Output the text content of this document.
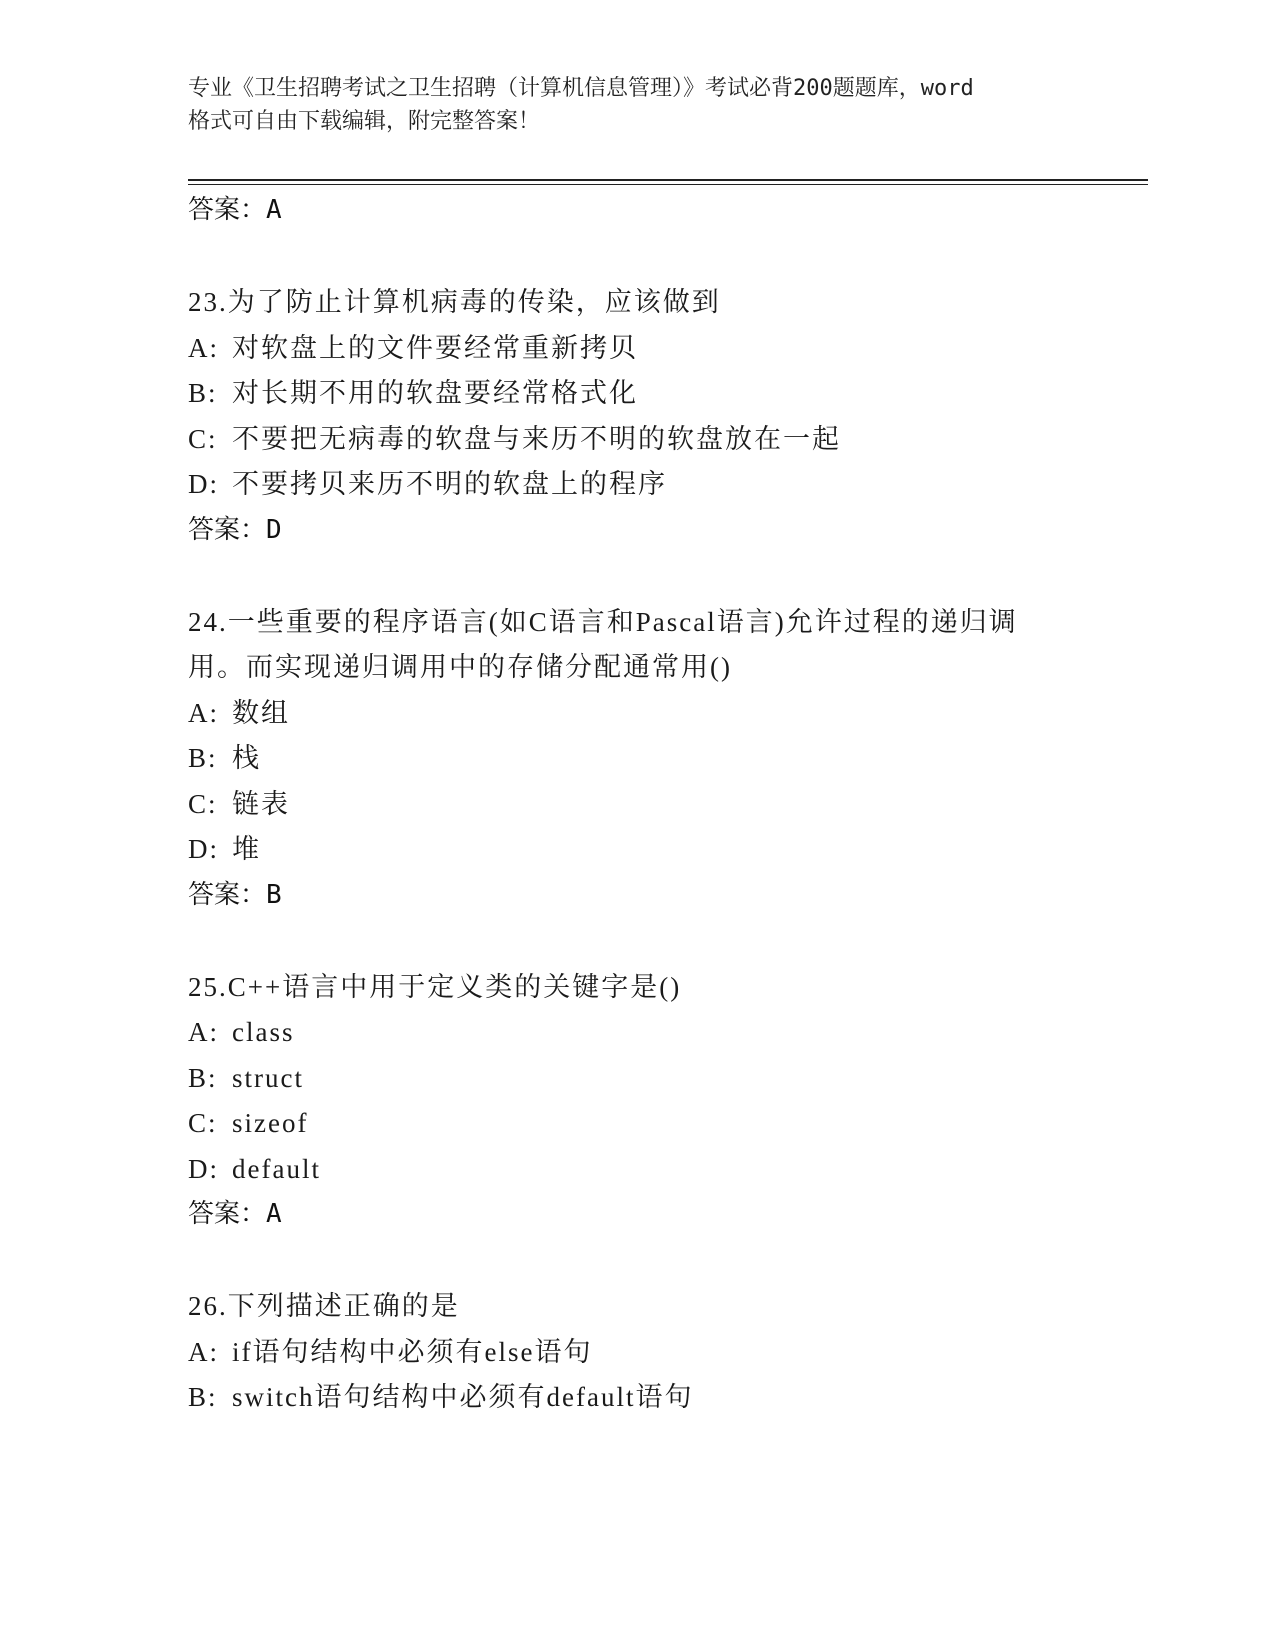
专业《卫生招聘考试之卫生招聘（计算机信息管理）》考试必背200题题库，word
格式可自由下载编辑，附完整答案！
答案：A
23.为了防止计算机病毒的传染，应该做到
A: 对软盘上的文件要经常重新拷贝
B: 对长期不用的软盘要经常格式化
C: 不要把无病毒的软盘与来历不明的软盘放在一起
D: 不要拷贝来历不明的软盘上的程序
答案：D
24.一些重要的程序语言(如C语言和Pascal语言)允许过程的递归调用。而实现递归调用中的存储分配通常用()
A: 数组
B: 栈
C: 链表
D: 堆
答案：B
25.C++语言中用于定义类的关键字是()
A: class
B: struct
C: sizeof
D: default
答案：A
26.下列描述正确的是
A: if语句结构中必须有else语句
B: switch语句结构中必须有default语句
